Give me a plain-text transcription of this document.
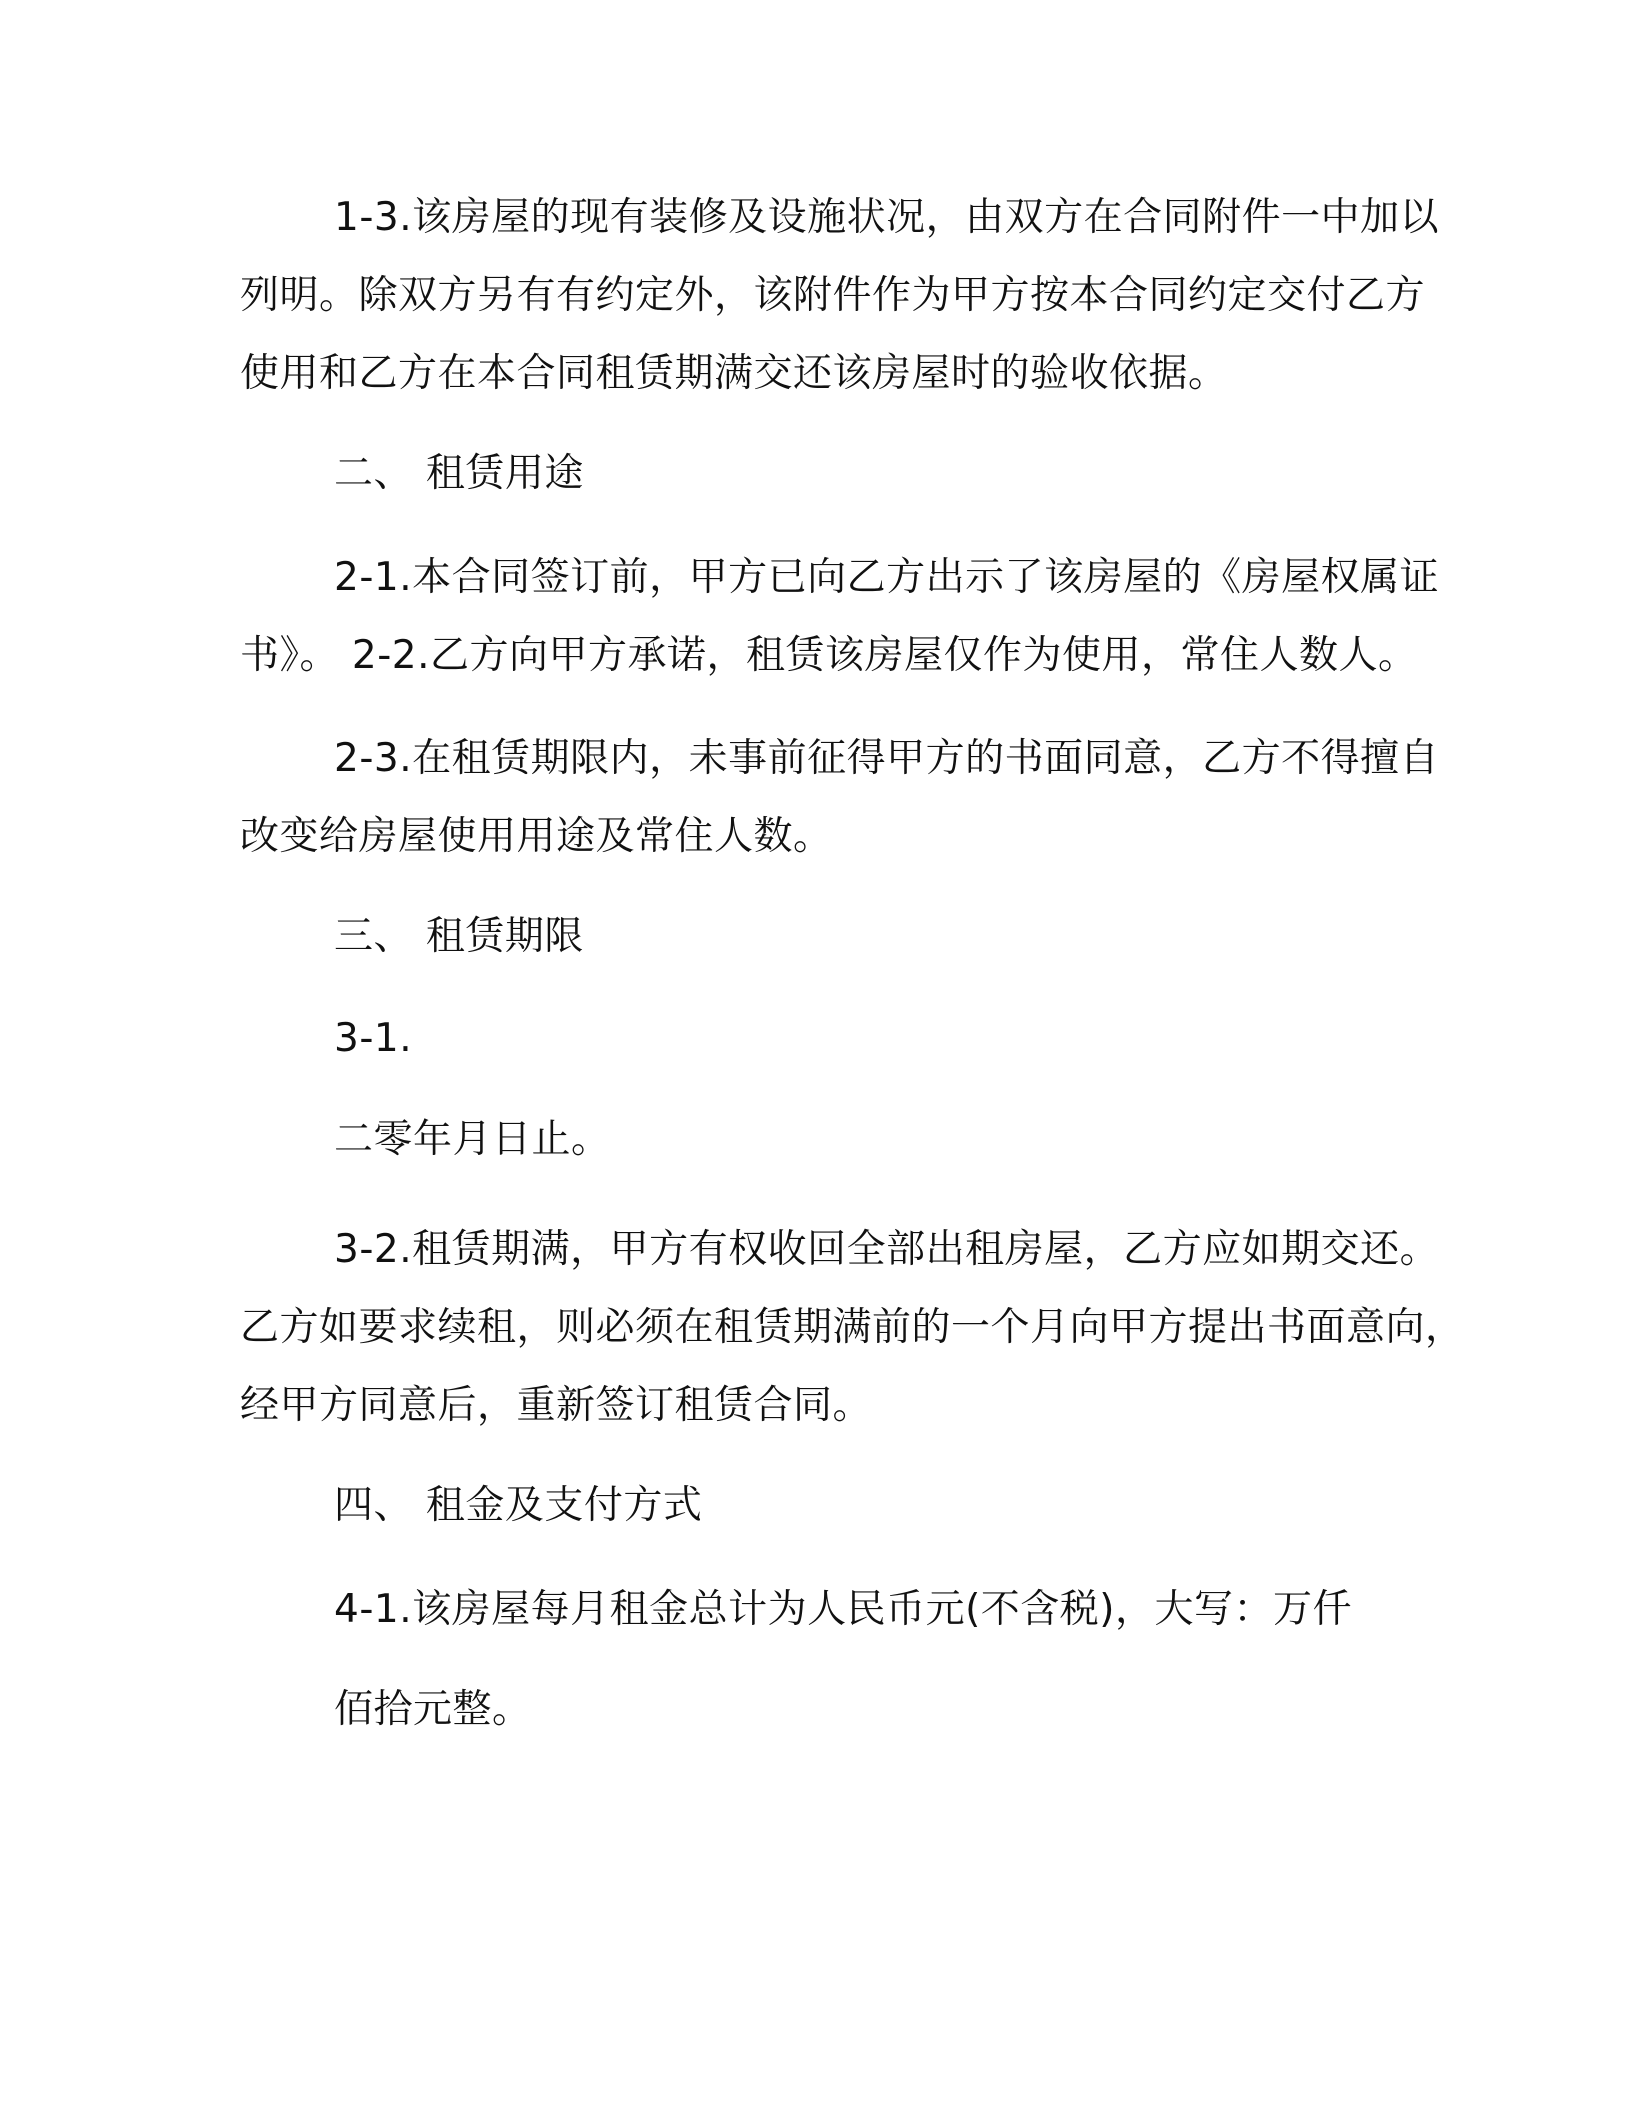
1-3.该房屋的现有装修及设施状况，由双方在合同附件一中加以
列明。除双方另有有约定外，该附件作为甲方按本合同约定交付乙方
使用和乙方在本合同租赁期满交还该房屋时的验收依据。
二、 租赁用途
2-1.本合同签订前，甲方已向乙方出示了该房屋的《房屋权属证
书》。 2-2.乙方向甲方承诺，租赁该房屋仅作为使用，常住人数人。
2-3.在租赁期限内，未事前征得甲方的书面同意，乙方不得擅自
改变给房屋使用用途及常住人数。
三、 租赁期限
3-1.
二零年月日止。
3-2.租赁期满，甲方有权收回全部出租房屋，乙方应如期交还。
乙方如要求续租，则必须在租赁期满前的一个月向甲方提出书面意向，
经甲方同意后，重新签订租赁合同。
四、 租金及支付方式
4-1.该房屋每月租金总计为人民币元(不含税)，大写：万仟
佰拾元整。
